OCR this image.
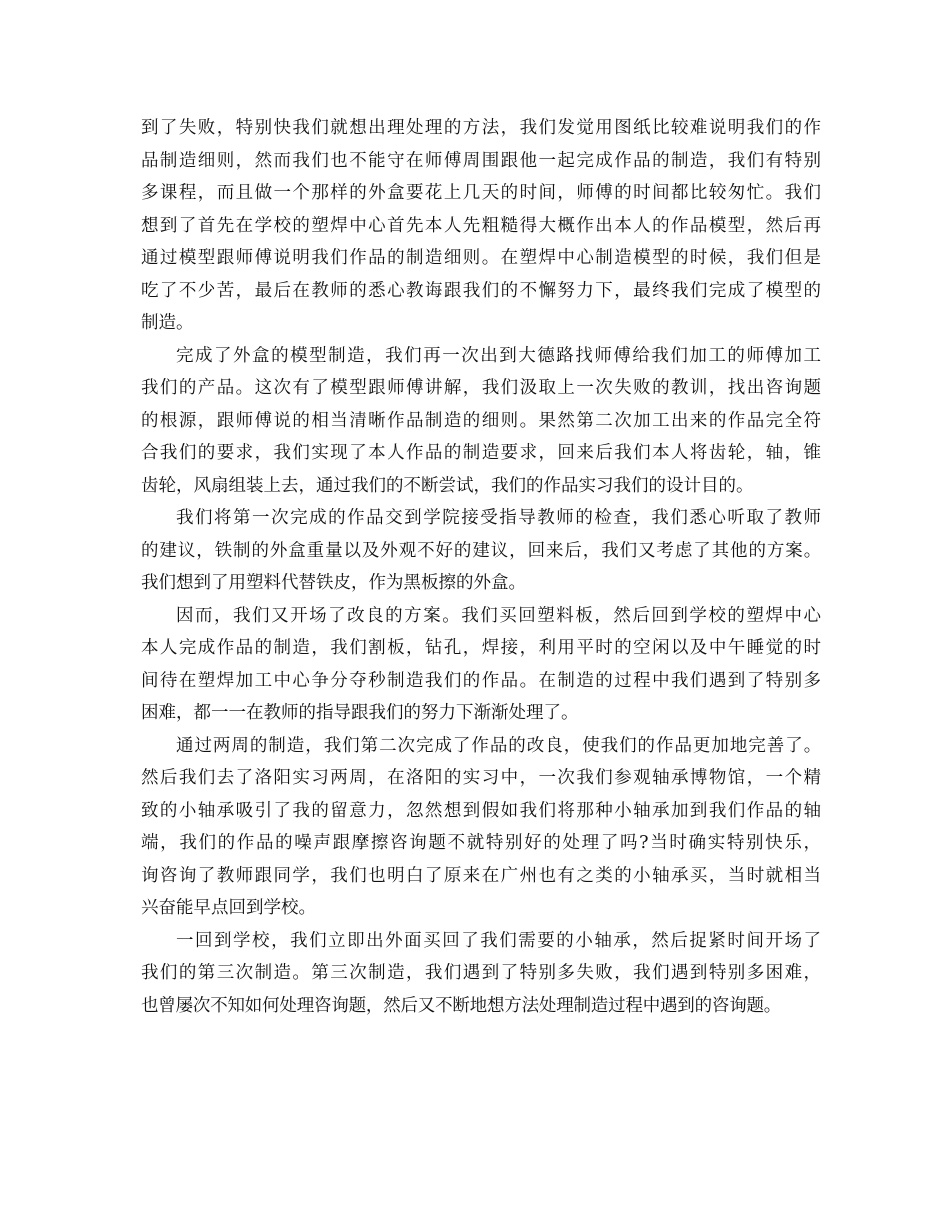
到了失败，特别快我们就想出理处理的方法，我们发觉用图纸比较难说明我们的作
品制造细则，然而我们也不能守在师傅周围跟他一起完成作品的制造，我们有特别
多课程，而且做一个那样的外盒要花上几天的时间，师傅的时间都比较匆忙。我们
想到了首先在学校的塑焊中心首先本人先粗糙得大概作出本人的作品模型，然后再
通过模型跟师傅说明我们作品的制造细则。在塑焊中心制造模型的时候，我们但是
吃了不少苦，最后在教师的悉心教诲跟我们的不懈努力下，最终我们完成了模型的
制造。
完成了外盒的模型制造，我们再一次出到大德路找师傅给我们加工的师傅加工
我们的产品。这次有了模型跟师傅讲解，我们汲取上一次失败的教训，找出咨询题
的根源，跟师傅说的相当清晰作品制造的细则。果然第二次加工出来的作品完全符
合我们的要求，我们实现了本人作品的制造要求，回来后我们本人将齿轮，轴，锥
齿轮，风扇组装上去，通过我们的不断尝试，我们的作品实习我们的设计目的。
我们将第一次完成的作品交到学院接受指导教师的检查，我们悉心听取了教师
的建议，铁制的外盒重量以及外观不好的建议，回来后，我们又考虑了其他的方案。
我们想到了用塑料代替铁皮，作为黑板擦的外盒。
因而，我们又开场了改良的方案。我们买回塑料板，然后回到学校的塑焊中心
本人完成作品的制造，我们割板，钻孔，焊接，利用平时的空闲以及中午睡觉的时
间待在塑焊加工中心争分夺秒制造我们的作品。在制造的过程中我们遇到了特别多
困难，都一一在教师的指导跟我们的努力下渐渐处理了。
通过两周的制造，我们第二次完成了作品的改良，使我们的作品更加地完善了。
然后我们去了洛阳实习两周，在洛阳的实习中，一次我们参观轴承博物馆，一个精
致的小轴承吸引了我的留意力，忽然想到假如我们将那种小轴承加到我们作品的轴
端，我们的作品的噪声跟摩擦咨询题不就特别好的处理了吗?当时确实特别快乐，
询咨询了教师跟同学，我们也明白了原来在广州也有之类的小轴承买，当时就相当
兴奋能早点回到学校。
一回到学校，我们立即出外面买回了我们需要的小轴承，然后捉紧时间开场了
我们的第三次制造。第三次制造，我们遇到了特别多失败，我们遇到特别多困难，
也曾屡次不知如何处理咨询题，然后又不断地想方法处理制造过程中遇到的咨询题。
